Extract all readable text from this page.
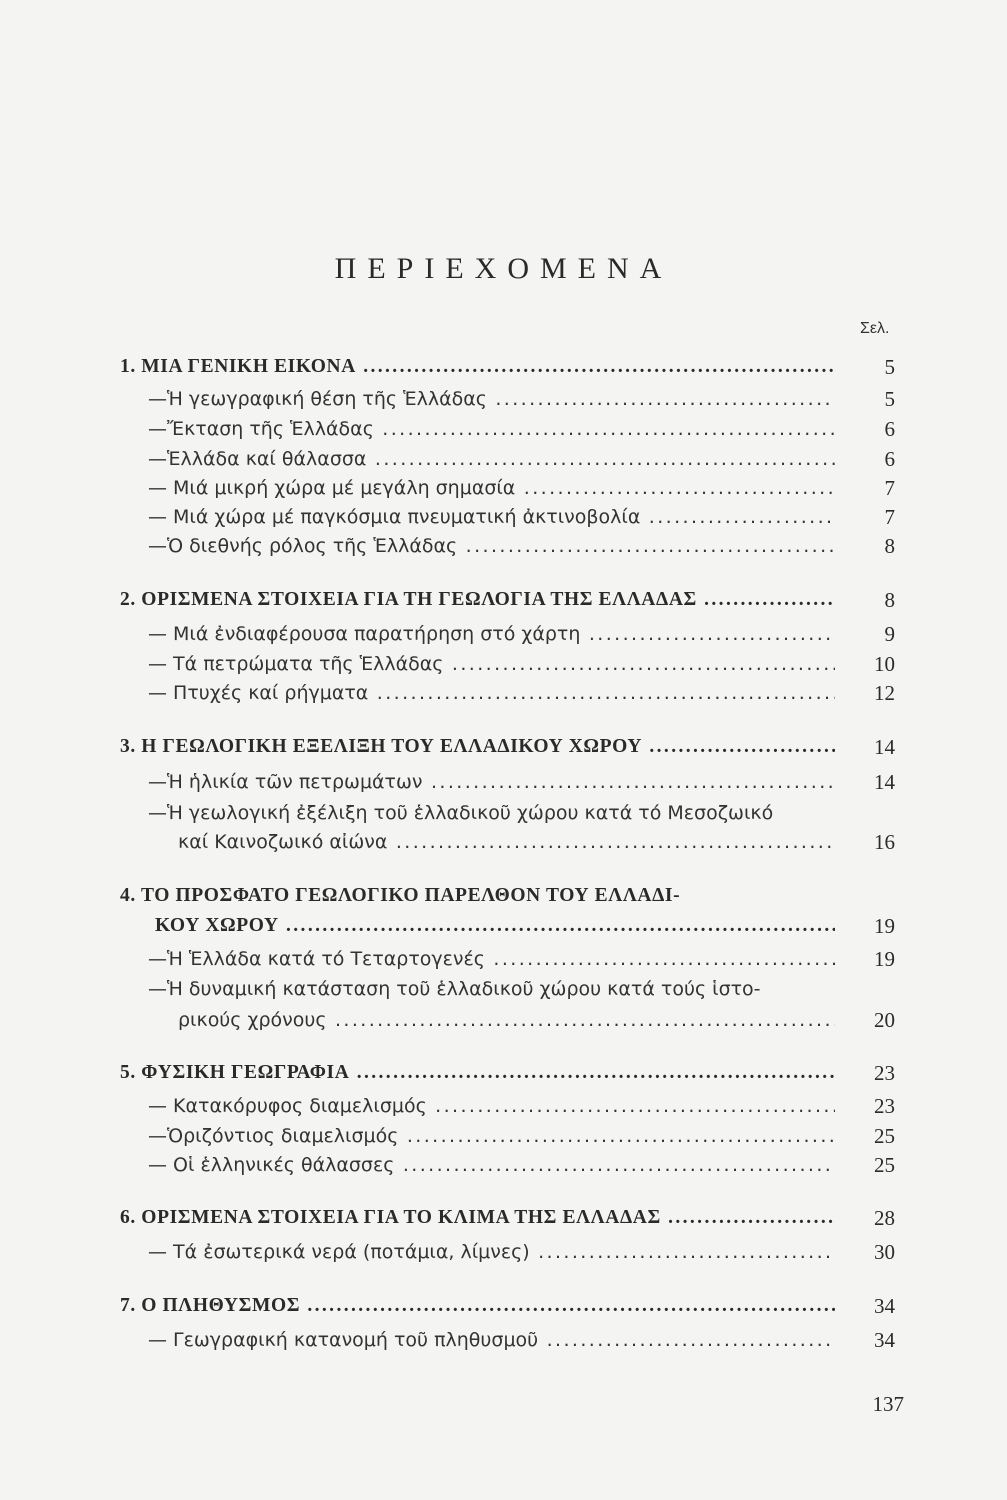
ΠΕΡΙΕΧΟΜΕΝΑ
Σελ.
1. ΜΙΑ ΓΕΝΙΚΗ ΕΙΚΟΝΑ .....	5
—Ἡ γεωγραφική θέση τῆς Ἑλλάδας .....	5
—Ἔκταση τῆς Ἑλλάδας .....	6
—Ἑλλάδα καί θάλασσα .....	6
— Μιά μικρή χώρα μέ μεγάλη σημασία .....	7
— Μιά χώρα μέ παγκόσμια πνευματική ἀκτινοβολία .....	7
—Ὁ διεθνής ρόλος τῆς Ἑλλάδας .....	8
2. ΟΡΙΣΜΕΝΑ ΣΤΟΙΧΕΙΑ ΓΙΑ ΤΗ ΓΕΩΛΟΓΙΑ ΤΗΣ ΕΛΛΑΔΑΣ .....	8
— Μιά ἐνδιαφέρουσα παρατήρηση στό χάρτη .....	9
— Τά πετρώματα τῆς Ἑλλάδας .....	10
— Πτυχές καί ρήγματα .....	12
3. Η ΓΕΩΛΟΓΙΚΗ ΕΞΕΛΙΞΗ ΤΟΥ ΕΛΛΑΔΙΚΟΥ ΧΩΡΟΥ .....	14
—Ἡ ἡλικία τῶν πετρωμάτων .....	14
—Ἡ γεωλογική ἐξέλιξη τοῦ ἑλλαδικοῦ χώρου κατά τό Μεσοζωικό
καί Καινοζωικό αἰώνα .....	16
4. ΤΟ ΠΡΟΣΦΑΤΟ ΓΕΩΛΟΓΙΚΟ ΠΑΡΕΛΘΟΝ ΤΟΥ ΕΛΛΑΔΙ-
ΚΟΥ ΧΩΡΟΥ .....	19
—Ἡ Ἑλλάδα κατά τό Τεταρτογενές .....	19
—Ἡ δυναμική κατάσταση τοῦ ἑλλαδικοῦ χώρου κατά τούς ἱστο-
ρικούς χρόνους .....	20
5. ΦΥΣΙΚΗ ΓΕΩΓΡΑΦΙΑ .....	23
— Κατακόρυφος διαμελισμός .....	23
—Ὁριζόντιος διαμελισμός .....	25
— Οἱ ἑλληνικές θάλασσες .....	25
6. ΟΡΙΣΜΕΝΑ ΣΤΟΙΧΕΙΑ ΓΙΑ ΤΟ ΚΛΙΜΑ ΤΗΣ ΕΛΛΑΔΑΣ .....	28
— Τά ἐσωτερικά νερά (ποτάμια, λίμνες) .....	30
7. Ο ΠΛΗΘΥΣΜΟΣ .....	34
— Γεωγραφική κατανομή τοῦ πληθυσμοῦ .....	34
137
